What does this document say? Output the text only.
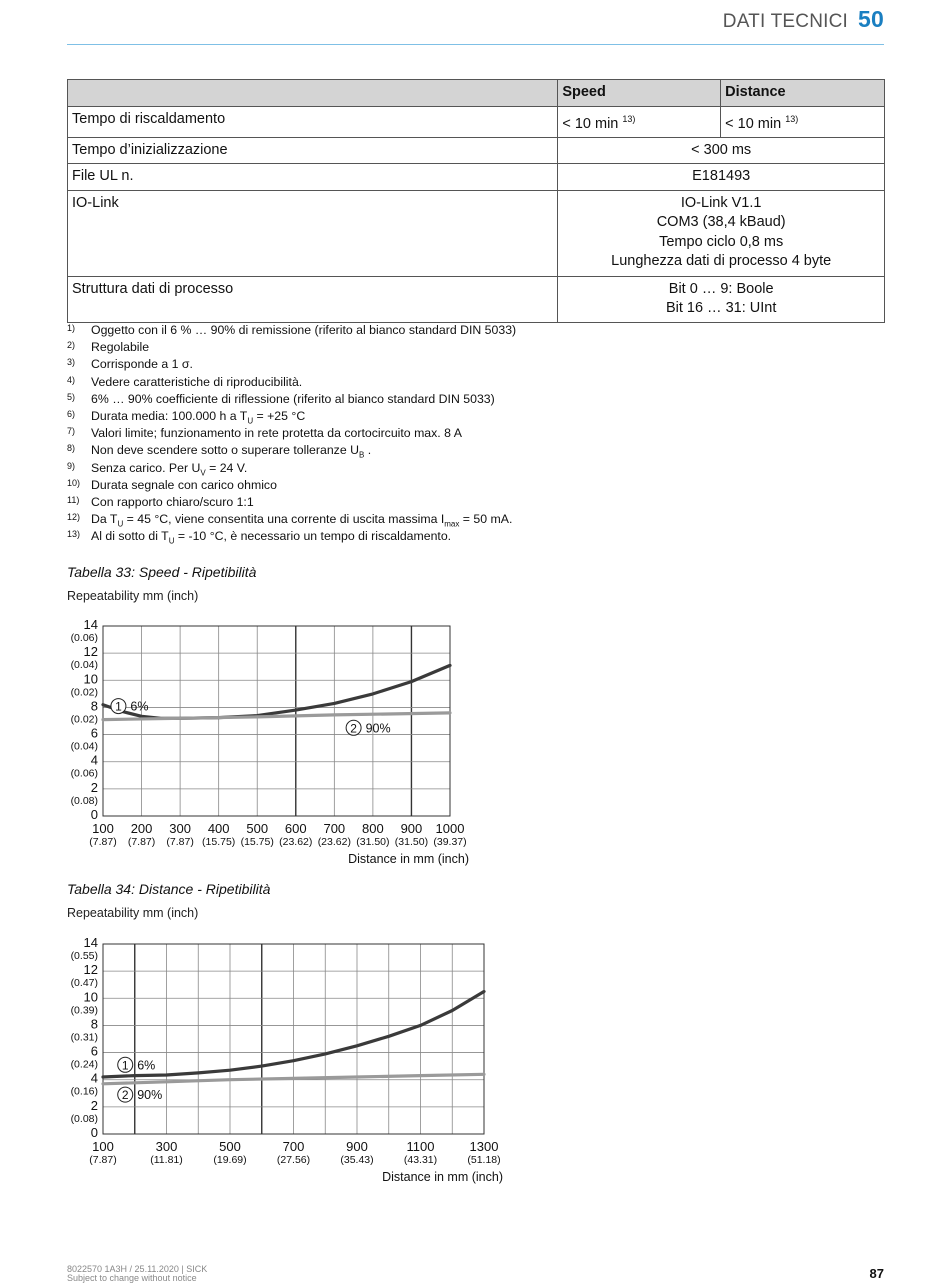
DATI TECNICI 50
	Speed	Distance
Tempo di riscaldamento	< 10 min $^{13)}$	< 10 min $^{13)}$
Tempo d’inizializzazione	< 300 ms	

File UL n.	E181493	

IO-Link	IO-Link V1.1
COM3 (38,4 kBaud)
Tempo ciclo 0,8 ms
Lunghezza dati di processo 4 byte	

Struttura dati di processo	Bit 0 … 9: Boole
Bit 16 … 31: UInt	
1)	Oggetto con il 6 % … 90% di remissione (riferito al bianco standard DIN 5033)
2)	Regolabile
3)	Corrisponde a 1 σ.
4)	Vedere caratteristiche di riproducibilità.
5)	6% … 90% coefficiente di riflessione (riferito al bianco standard DIN 5033)
6)	Durata media: 100.000 h a $T_U = +25$ °C
7)	Valori limite; funzionamento in rete protetta da cortocircuito max. 8 A
8)	Non deve scendere sotto o superare tolleranze $U_B$ .
9)	Senza carico. Per $U_V = 24$ V.
10) Durata segnale con carico ohmico
11) Con rapporto chiaro/scuro 1:1
12) Da $T_U = 45$ °C, viene consentita una corrente di uscita massima $I_{max} = 50$ mA.
13) Al di sotto di $T_U = -10$ °C, è necessario un tempo di riscaldamento.
Tabella 33: Speed - Ripetibilità
Repeatability mm (inch)
0
2
(0.08)
4
(0.06)
6
(0.04)
8
(0.02)
10
(0.02)
12
(0.04)
14
(0.06)
100
(7.87)
200
(7.87)
300
(7.87)
400
(15.75)
500
(15.75)
600
(23.62)
700
(23.62)
800
(31.50)
900
(31.50)
1000
(39.37)
Distance in mm (inch)
1 6%
2 90%
Tabella 34: Distance - Ripetibilità
Repeatability mm (inch)
0
2
(0.08)
4
(0.16)
6
(0.24)
8
(0.31)
10
(0.39)
12
(0.47)
14
(0.55)
100
(7.87)
300
(11.81)
500
(19.69)
700
(27.56)
900
(35.43)
1100
(43.31)
1300
(51.18)
Distance in mm (inch)
1 6%
2 90%
8022570 1A3H / 25.11.2020 | SICK
Subject to change without notice	87
